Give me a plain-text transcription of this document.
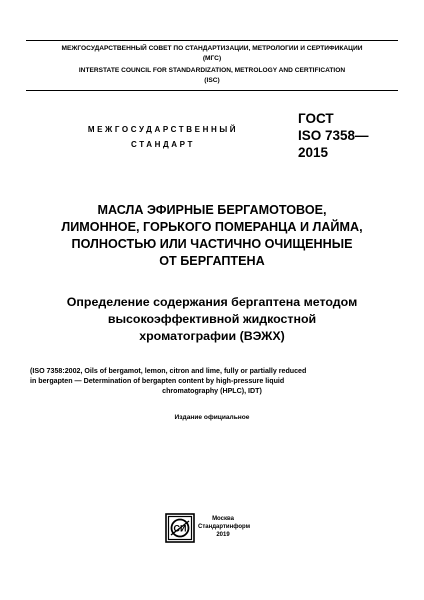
МЕЖГОСУДАРСТВЕННЫЙ СОВЕТ ПО СТАНДАРТИЗАЦИИ, МЕТРОЛОГИИ И СЕРТИФИКАЦИИ
(МГС)
INTERSTATE COUNCIL FOR STANDARDIZATION, METROLOGY AND CERTIFICATION
(ISC)
МЕЖГОСУДАРСТВЕННЫЙ
СТАНДАРТ
ГОСТ
ISO 7358—
2015
МАСЛА ЭФИРНЫЕ БЕРГАМОТОВОЕ,
ЛИМОННОЕ, ГОРЬКОГО ПОМЕРАНЦА И ЛАЙМА,
ПОЛНОСТЬЮ ИЛИ ЧАСТИЧНО ОЧИЩЕННЫЕ
ОТ БЕРГАПТЕНА
Определение содержания бергаптена методом
высокоэффективной жидкостной
хроматографии (ВЭЖХ)
(ISO 7358:2002, Oils of bergamot, lemon, citron and lime, fully or partially reduced
in bergapten — Determination of bergapten content by high-pressure liquid
chromatography (HPLC), IDT)
Издание официальное
СИ
Москва
Стандартинформ
2019
